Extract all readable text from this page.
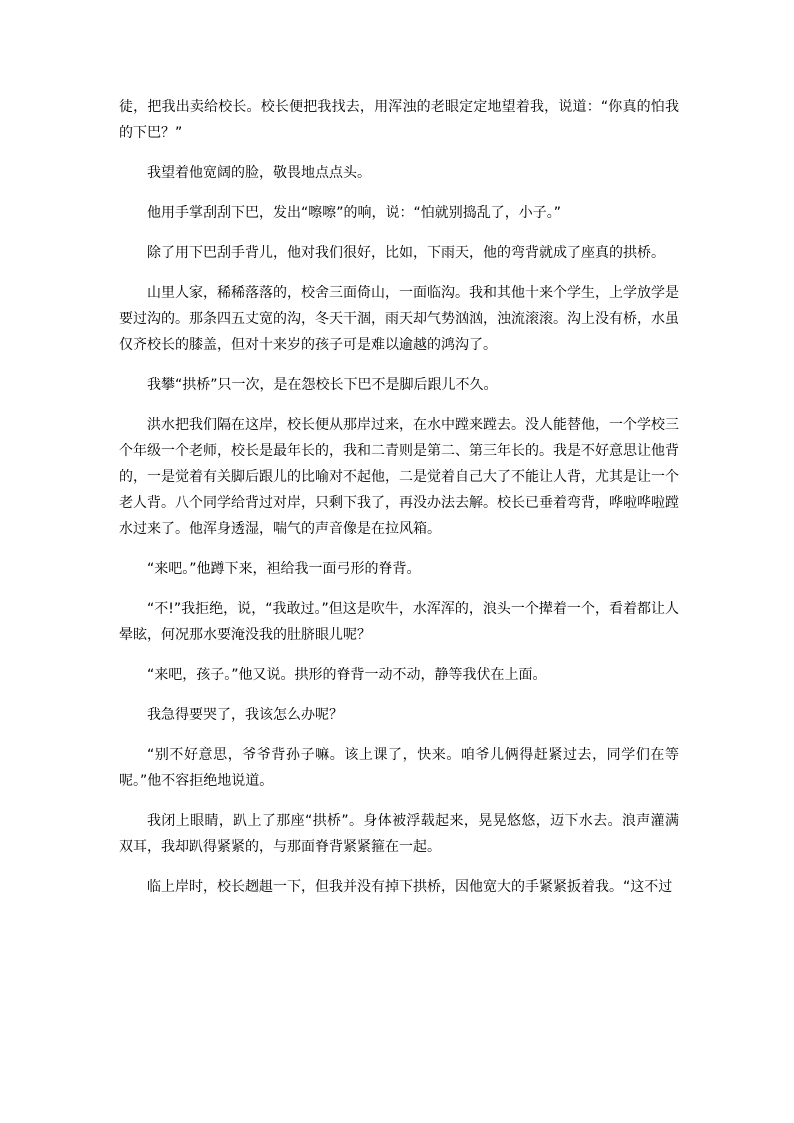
徒，把我出卖给校长。校长便把我找去，用浑浊的老眼定定地望着我，说道：“你真的怕我的下巴？”

我望着他宽阔的脸，敬畏地点点头。

他用手掌刮刮下巴，发出“嚓嚓”的响，说：“怕就别捣乱了，小子。”

除了用下巴刮手背儿，他对我们很好，比如，下雨天，他的弯背就成了座真的拱桥。

山里人家，稀稀落落的，校舍三面倚山，一面临沟。我和其他十来个学生，上学放学是要过沟的。那条四五丈宽的沟，冬天干涸，雨天却气势汹汹，浊流滚滚。沟上没有桥，水虽仅齐校长的膝盖，但对十来岁的孩子可是难以逾越的鸿沟了。

我攀“拱桥”只一次，是在怨校长下巴不是脚后跟儿不久。

洪水把我们隔在这岸，校长便从那岸过来，在水中蹚来蹚去。没人能替他，一个学校三个年级一个老师，校长是最年长的，我和二青则是第二、第三年长的。我是不好意思让他背的，一是觉着有关脚后跟儿的比喻对不起他，二是觉着自己大了不能让人背，尤其是让一个老人背。八个同学给背过对岸，只剩下我了，再没办法去解。校长已垂着弯背，哗啦哗啦蹚水过来了。他浑身透湿，喘气的声音像是在拉风箱。

“来吧。”他蹲下来，袒给我一面弓形的脊背。

“不!”我拒绝，说，“我敢过。”但这是吹牛，水浑浑的，浪头一个撵着一个，看着都让人晕眩，何况那水要淹没我的肚脐眼儿呢？

“来吧，孩子。”他又说。拱形的脊背一动不动，静等我伏在上面。

我急得要哭了，我该怎么办呢？

“别不好意思，爷爷背孙子嘛。该上课了，快来。咱爷儿俩得赶紧过去，同学们在等呢。”他不容拒绝地说道。

我闭上眼睛，趴上了那座“拱桥”。身体被浮载起来，晃晃悠悠，迈下水去。浪声灌满双耳，我却趴得紧紧的，与那面脊背紧紧箍在一起。

临上岸时，校长趔趄一下，但我并没有掉下拱桥，因他宽大的手紧紧扳着我。“这不过
